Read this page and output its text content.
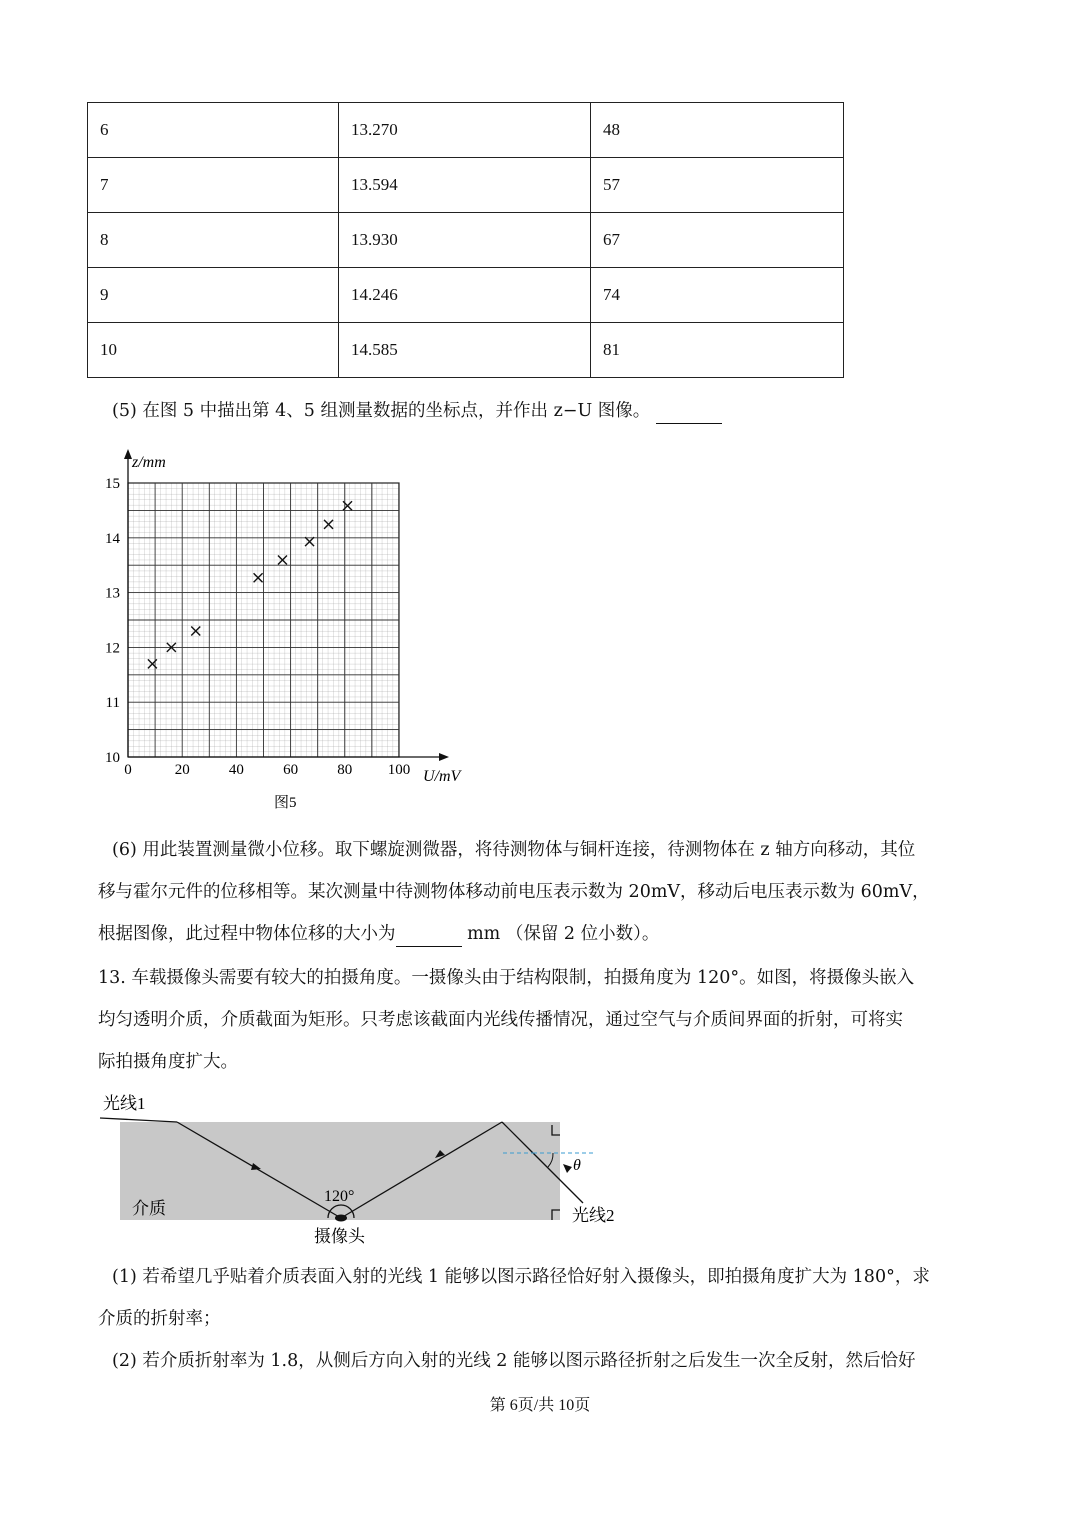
6	13.270	48
7	13.594	57
8	13.930	67
9	14.246	74
10	14.585	81
(5) 在图 5 中描出第 4、5 组测量数据的坐标点，并作出 z−U 图像。
0	20	40	60	80 100
10
11
12
13
14
15
z/mm
U/mV
图5
(6) 用此装置测量微小位移。取下螺旋测微器，将待测物体与铜杆连接，待测物体在 z 轴方向移动，其位
移与霍尔元件的位移相等。某次测量中待测物体移动前电压表示数为 20mV，移动后电压表示数为 60mV，
根据图像，此过程中物体位移的大小为	mm （保留 2 位小数）。
13. 车载摄像头需要有较大的拍摄角度。一摄像头由于结构限制，拍摄角度为 120°。如图，将摄像头嵌入
均匀透明介质，介质截面为矩形。只考虑该截面内光线传播情况，通过空气与介质间界面的折射，可将实
际拍摄角度扩大。
120°
光线1
光线2
介质
摄像头
θ
(1) 若希望几乎贴着介质表面入射的光线 1 能够以图示路径恰好射入摄像头，即拍摄角度扩大为 180°，求
介质的折射率；
(2) 若介质折射率为 1.8，从侧后方向入射的光线 2 能够以图示路径折射之后发生一次全反射，然后恰好
第 6页/共 10页
